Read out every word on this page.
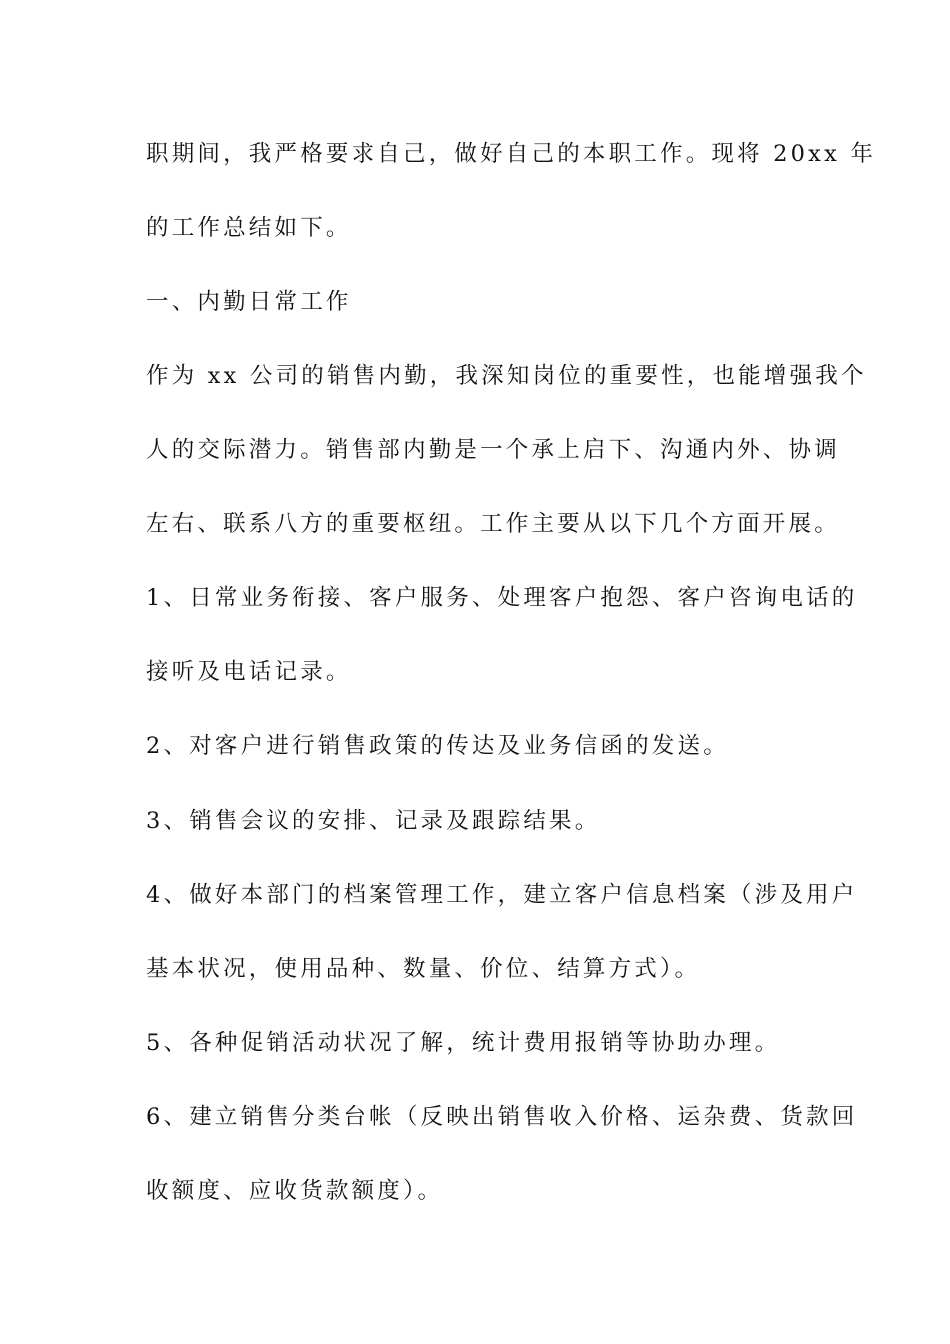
职期间，我严格要求自己，做好自己的本职工作。现将 20xx 年
的工作总结如下。
一、内勤日常工作
作为 xx 公司的销售内勤，我深知岗位的重要性，也能增强我个
人的交际潜力。销售部内勤是一个承上启下、沟通内外、协调
左右、联系八方的重要枢纽。工作主要从以下几个方面开展。
1、日常业务衔接、客户服务、处理客户抱怨、客户咨询电话的
接听及电话记录。
2、对客户进行销售政策的传达及业务信函的发送。
3、销售会议的安排、记录及跟踪结果。
4、做好本部门的档案管理工作，建立客户信息档案（涉及用户
基本状况，使用品种、数量、价位、结算方式）。
5、各种促销活动状况了解，统计费用报销等协助办理。
6、建立销售分类台帐（反映出销售收入价格、运杂费、货款回
收额度、应收货款额度）。
